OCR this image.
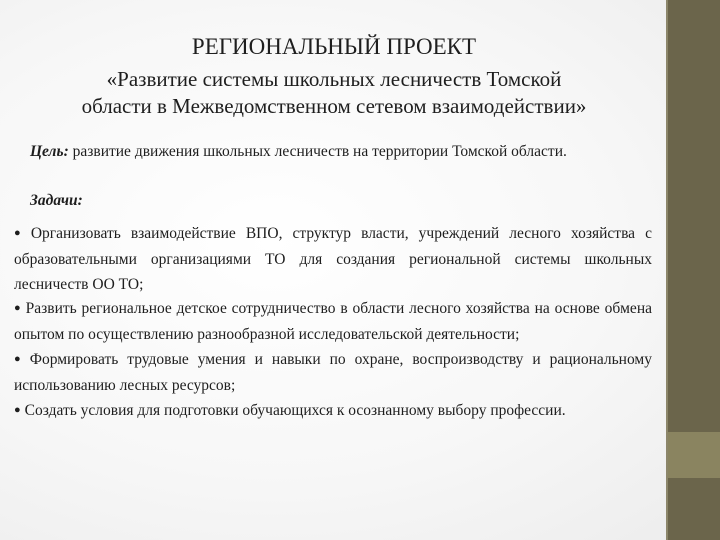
РЕГИОНАЛЬНЫЙ ПРОЕКТ
«Развитие системы школьных лесничеств Томской
области в Межведомственном сетевом взаимодействии»
Цель: развитие движения школьных лесничеств на территории Томской области.
Задачи:

● Организовать взаимодействие ВПО, структур власти, учреждений лесного хозяйства с образовательными организациями ТО для создания региональной системы школьных лесничеств ОО ТО;

● Развить региональное детское сотрудничество в области лесного хозяйства на основе обмена опытом по осуществлению разнообразной исследовательской деятельности;

● Формировать трудовые умения и навыки по охране, воспроизводству и рациональному использованию лесных ресурсов;

● Создать условия для подготовки обучающихся к осознанному выбору профессии.
